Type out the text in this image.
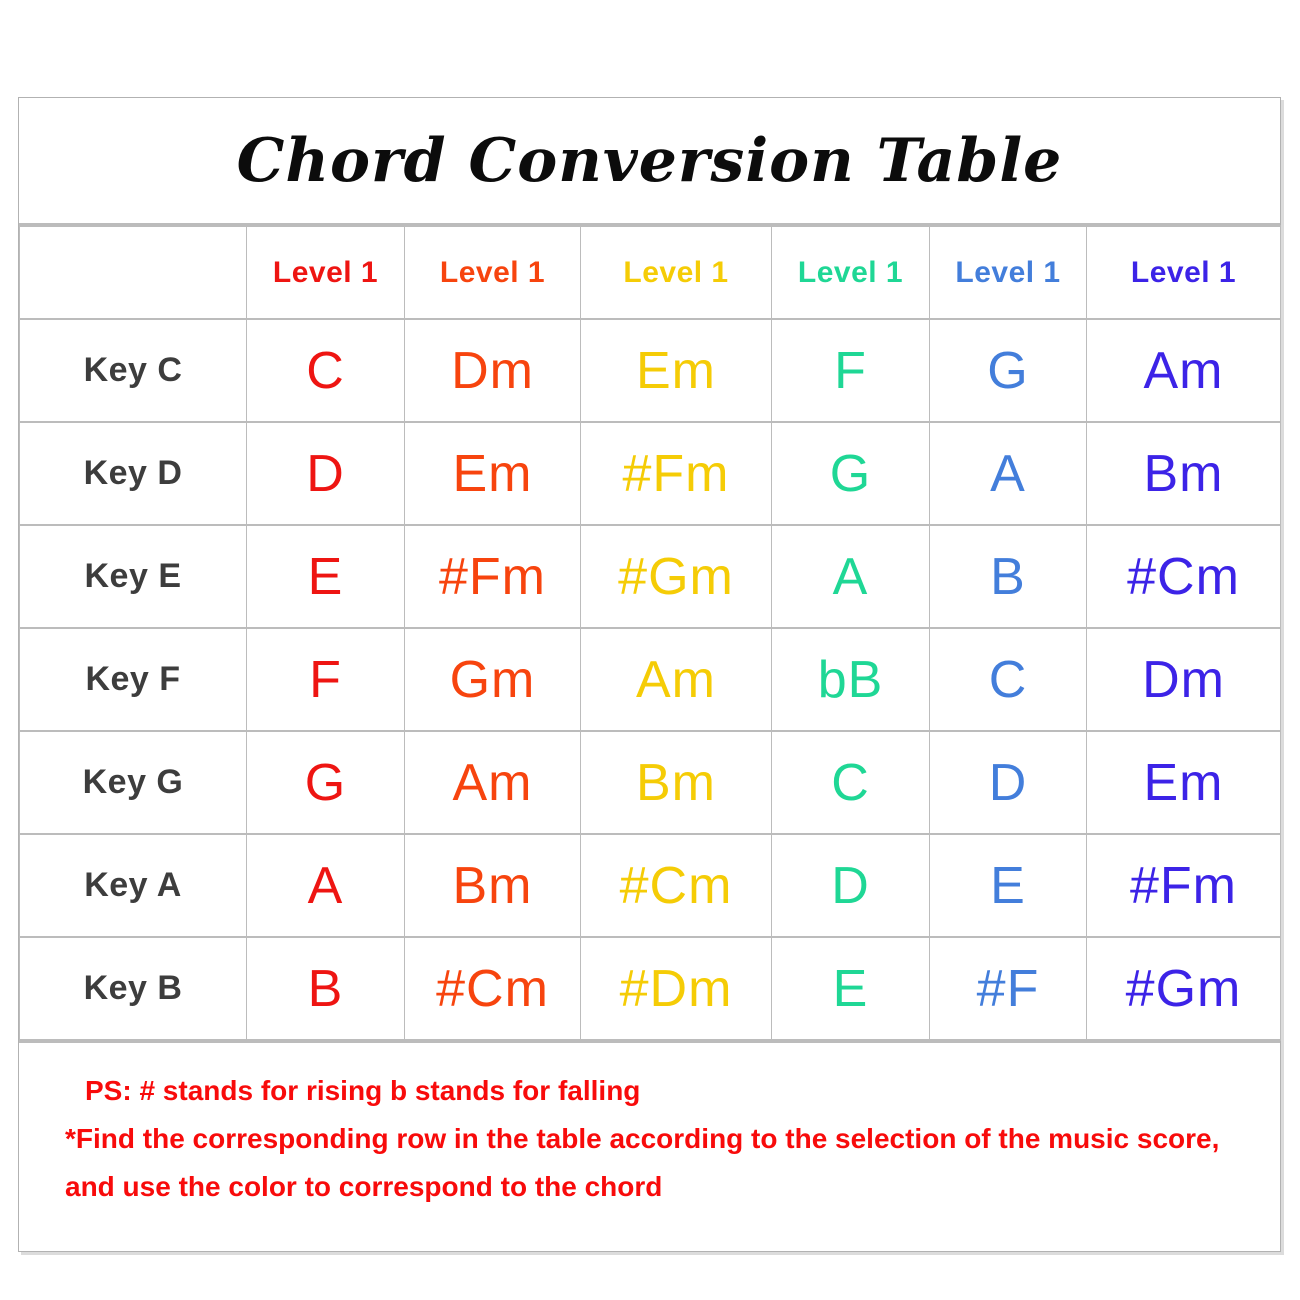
Chord Conversion Table
	Level 1	Level 1	Level 1	Level 1	Level 1	Level 1
Key C	C	Dm	Em	F	G	Am
Key D	D	Em	#Fm	G	A	Bm
Key E	E	#Fm	#Gm	A	B	#Cm
Key F	F	Gm	Am	bB	C	Dm
Key G	G	Am	Bm	C	D	Em
Key A	A	Bm	#Cm	D	E	#Fm
Key B	B	#Cm	#Dm	E	#F	#Gm

PS: # stands for rising b stands for falling

*Find the corresponding row in the table according to the selection of the music score,

and use the color to correspond to the chord
